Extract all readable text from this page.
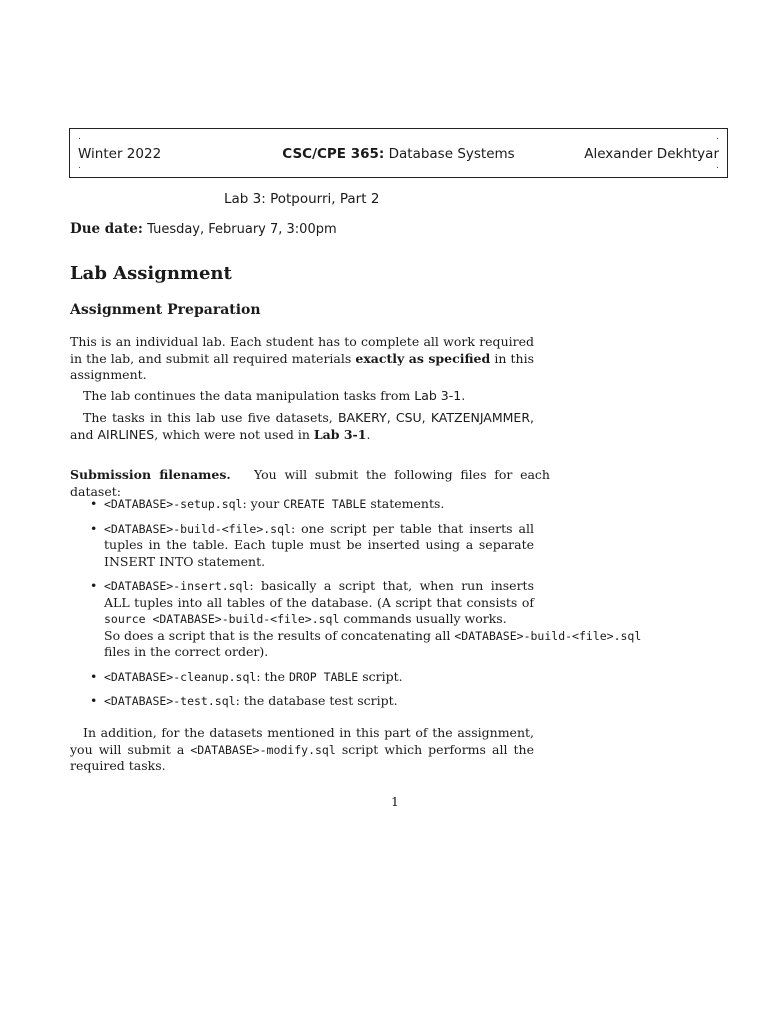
.	.
.	.
Winter 2022	CSC/CPE 365: Database Systems	Alexander Dekhtyar
Lab 3: Potpourri, Part 2
Due date: Tuesday, February 7, 3:00pm
Lab Assignment
Assignment Preparation

This is an individual lab. Each student has to complete all work required in the lab, and submit all required materials exactly as specified in this assignment.

The lab continues the data manipulation tasks from Lab 3-1.

The tasks in this lab use five datasets, BAKERY, CSU, KATZENJAMMER, and AIRLINES, which were not used in Lab 3-1.

Submission filenames. You will submit the following files for each dataset:

• <DATABASE>-setup.sql: your CREATE TABLE statements.
• <DATABASE>-build-<file>.sql: one script per table that inserts all tuples in the table. Each tuple must be inserted using a separate INSERT INTO statement.
• <DATABASE>-insert.sql: basically a script that, when run inserts ALL tuples into all tables of the database. (A script that consists of source <DATABASE>-build-<file>.sql commands usually works.
So does a script that is the results of concatenating all <DATABASE>-build-<file>.sql
files in the correct order).
• <DATABASE>-cleanup.sql: the DROP TABLE script.
• <DATABASE>-test.sql: the database test script.

In addition, for the datasets mentioned in this part of the assignment, you will submit a <DATABASE>-modify.sql script which performs all the required tasks.

1
